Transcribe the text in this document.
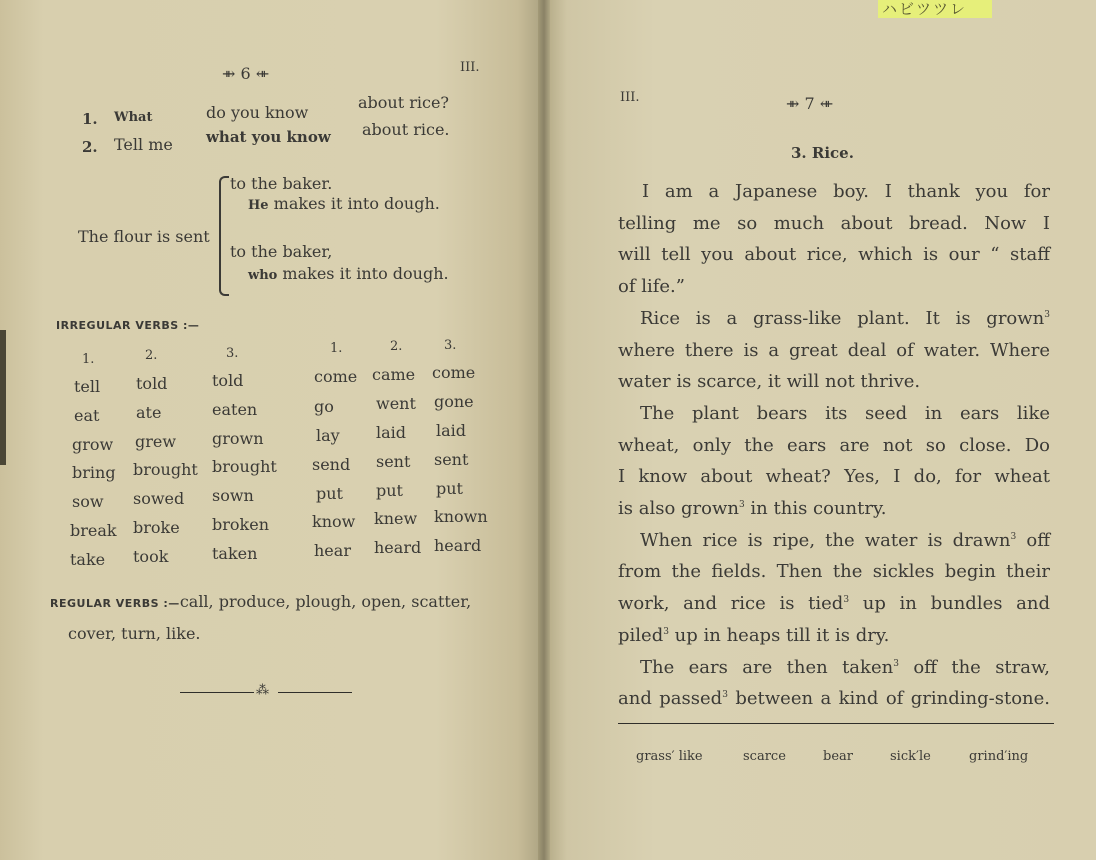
ハビツツレ
⇻ 6 ⇺	III.
1. What	do you know
about rice?
2. Tell me what you know about rice.
The flour is sent
to the baker.
He makes it into dough.
to the baker,
who makes it into dough.
IRREGULAR VERBS :—
1.	2.	3.	1.	2.	3.
tell told	told
eat ate	eaten
grow grew grown
bring brought brought
sow sowed sown
break broke broken
take took	taken
come came come
go	went gone
lay laid laid
send sent sent
put put put
know knew known
hear heard heard
REGULAR VERBS :—call, produce, plough, open, scatter,
cover, turn, like.
⁂
III.	⇻ 7 ⇺
3. Rice.
I am a Japanese boy. I thank you for
telling me so much about bread. Now I
will tell you about rice, which is our “ staff
of life.”
Rice is a grass-like plant. It is grown$^3$
where there is a great deal of water. Where
water is scarce, it will not thrive.
The plant bears its seed in ears like
wheat, only the ears are not so close. Do
I know about wheat? Yes, I do, for wheat
is also grown$^3$ in this country.
When rice is ripe, the water is drawn$^3$ off
from the fields. Then the sickles begin their
work, and rice is tied$^3$ up in bundles and
piled$^3$ up in heaps till it is dry.
The ears are then taken$^3$ off the straw,
and passed$^3$ between a kind of grinding-stone.
grass′ like	scarce	bear	sick′le	grind′ing
